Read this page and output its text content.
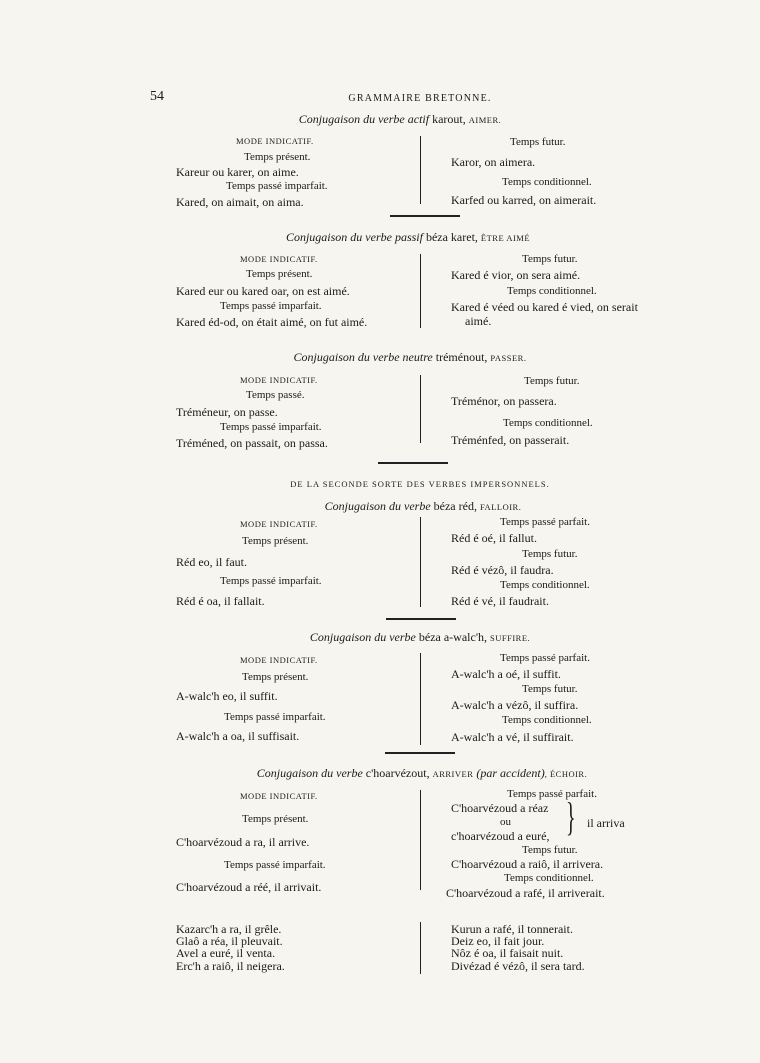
54	GRAMMAIRE BRETONNE.
Conjugaison du verbe actif karout, AIMER.
MODE INDICATIF.
Temps présent.
Kareur ou karer, on aime.
Temps passé imparfait.
Kared, on aimait, on aima.
Temps futur.
Karor, on aimera.
Temps conditionnel.
Karfed ou karred, on aimerait.
Conjugaison du verbe passif béza karet, ÊTRE AIMÉ
MODE INDICATIF.
Temps présent.
Kared eur ou kared oar, on est aimé.
Temps passé imparfait.
Kared éd-od, on était aimé, on fut aimé.
Temps futur.
Kared é vior, on sera aimé.
Temps conditionnel.
Kared é véed ou kared é vied, on serait
aimé.
Conjugaison du verbe neutre tréménout, PASSER.
MODE INDICATIF.
Temps passé.
Tréméneur, on passe.
Temps passé imparfait.
Tréméned, on passait, on passa.
Temps futur.
Tréménor, on passera.
Temps conditionnel.
Tréménfed, on passerait.
DE LA SECONDE SORTE DES VERBES IMPERSONNELS.
Conjugaison du verbe béza réd, FALLOIR.
MODE INDICATIF.
Temps présent.
Réd eo, il faut.
Temps passé imparfait.
Réd é oa, il fallait.
Temps passé parfait.
Réd é oé, il fallut.
Temps futur.
Réd é vézô, il faudra.
Temps conditionnel.
Réd é vé, il faudrait.
Conjugaison du verbe béza a-walc'h, SUFFIRE.
MODE INDICATIF.
Temps présent.
A-walc'h eo, il suffit.
Temps passé imparfait.
A-walc'h a oa, il suffisait.
Temps passé parfait.
A-walc'h a oé, il suffit.
Temps futur.
A-walc'h a vézô, il suffira.
Temps conditionnel.
A-walc'h a vé, il suffirait.
Conjugaison du verbe c'hoarvézout, ARRIVER (par accident), ÉCHOIR.
MODE INDICATIF.
Temps présent.
C'hoarvézoud a ra, il arrive.
Temps passé imparfait.
C'hoarvézoud a réé, il arrivait.
Temps passé parfait.
C'hoarvézoud a réaz
ou
c'hoarvézoud a euré, } il arriva
Temps futur.
C'hoarvézoud a raiô, il arrivera.
Temps conditionnel.
C'hoarvézoud a rafé, il arriverait.
Kazarc'h a ra, il grêle.
Glaô a réa, il pleuvait.
Avel a euré, il venta.
Erc'h a raiô, il neigera.
Kurun a rafé, il tonnerait.
Deiz eo, il fait jour.
Nôz é oa, il faisait nuit.
Divézad é vézô, il sera tard.
